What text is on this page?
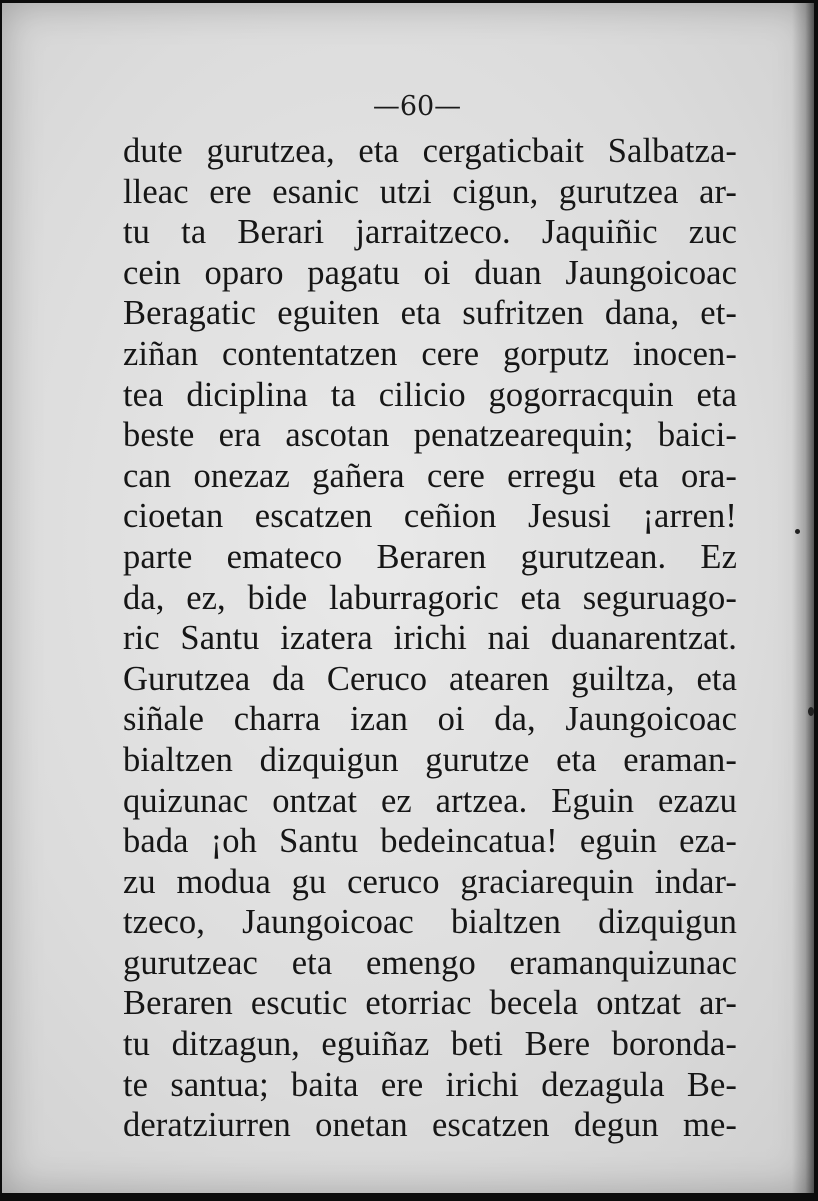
—60—
dute gurutzea, eta cergaticbait Salbatza-
lleac ere esanic utzi cigun, gurutzea ar-
tu ta Berari jarraitzeco. Jaquiñic zuc
cein oparo pagatu oi duan Jaungoicoac
Beragatic eguiten eta sufritzen dana, et-
ziñan contentatzen cere gorputz inocen-
tea diciplina ta cilicio gogorracquin eta
beste era ascotan penatzearequin; baici-
can onezaz gañera cere erregu eta ora-
cioetan escatzen ceñion Jesusi ¡arren!
parte emateco Beraren gurutzean. Ez
da, ez, bide laburragoric eta seguruago-
ric Santu izatera irichi nai duanarentzat.
Gurutzea da Ceruco atearen guiltza, eta
siñale charra izan oi da, Jaungoicoac
bialtzen dizquigun gurutze eta eraman-
quizunac ontzat ez artzea. Eguin ezazu
bada ¡oh Santu bedeincatua! eguin eza-
zu modua gu ceruco graciarequin indar-
tzeco, Jaungoicoac bialtzen dizquigun
gurutzeac eta emengo eramanquizunac
Beraren escutic etorriac becela ontzat ar-
tu ditzagun, eguiñaz beti Bere boronda-
te santua; baita ere irichi dezagula Be-
deratziurren onetan escatzen degun me-
